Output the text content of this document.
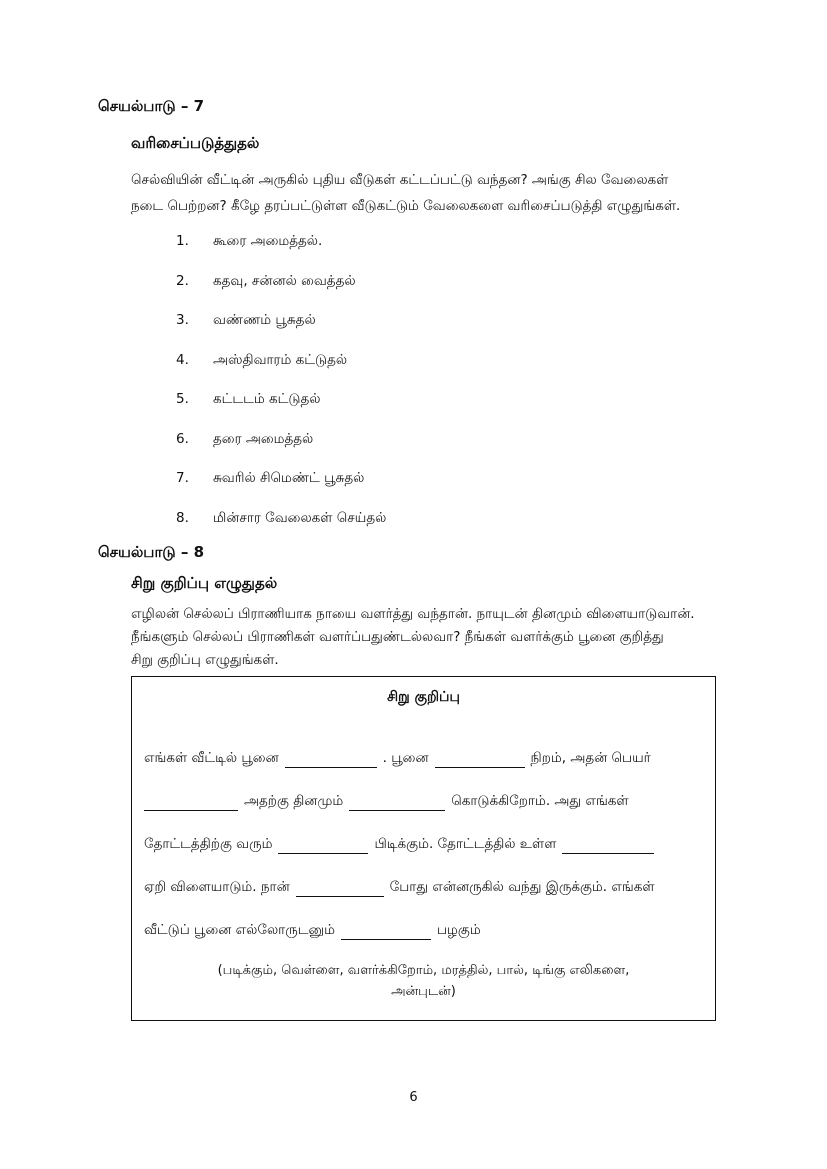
செயல்பாடு – 7
வரிசைப்படுத்துதல்
செல்வியின் வீட்டின் அருகில் புதிய வீடுகள் கட்டப்பட்டு வந்தன? அங்கு சில வேலைகள்
நடை பெற்றன? கீழே தரப்பட்டுள்ள வீடுகட்டும் வேலைகளை வரிசைப்படுத்தி எழுதுங்கள்.
1. கூரை அமைத்தல்.
2. கதவு, சன்னல் வைத்தல்
3. வண்ணம் பூசுதல்
4. அஸ்திவாரம் கட்டுதல்
5. கட்டடம் கட்டுதல்
6. தரை அமைத்தல்
7. சுவரில் சிமெண்ட் பூசுதல்
8. மின்சார வேலைகள் செய்தல்
செயல்பாடு – 8
சிறு குறிப்பு எழுதுதல்
எழிலன் செல்லப் பிராணியாக நாயை வளர்த்து வந்தான். நாயுடன் தினமும் விளையாடுவான்.
நீங்களும் செல்லப் பிராணிகள் வளர்ப்பதுண்டல்லவா? நீங்கள் வளர்க்கும் பூனை குறித்து
சிறு குறிப்பு எழுதுங்கள்.
சிறு குறிப்பு
எங்கள் வீட்டில் பூனை	. பூனை	நிறம், அதன் பெயர்
அதற்கு தினமும்	கொடுக்கிறோம். அது எங்கள்
தோட்டத்திற்கு வரும்	பிடிக்கும். தோட்டத்தில் உள்ள
ஏறி விளையாடும். நான்	போது என்னருகில் வந்து இருக்கும். எங்கள்
வீட்டுப் பூனை எல்லோருடனும்	பழகும்
(படிக்கும், வெள்ளை, வளர்க்கிறோம், மரத்தில், பால், டிங்கு எலிகளை,
அன்புடன்)
6
